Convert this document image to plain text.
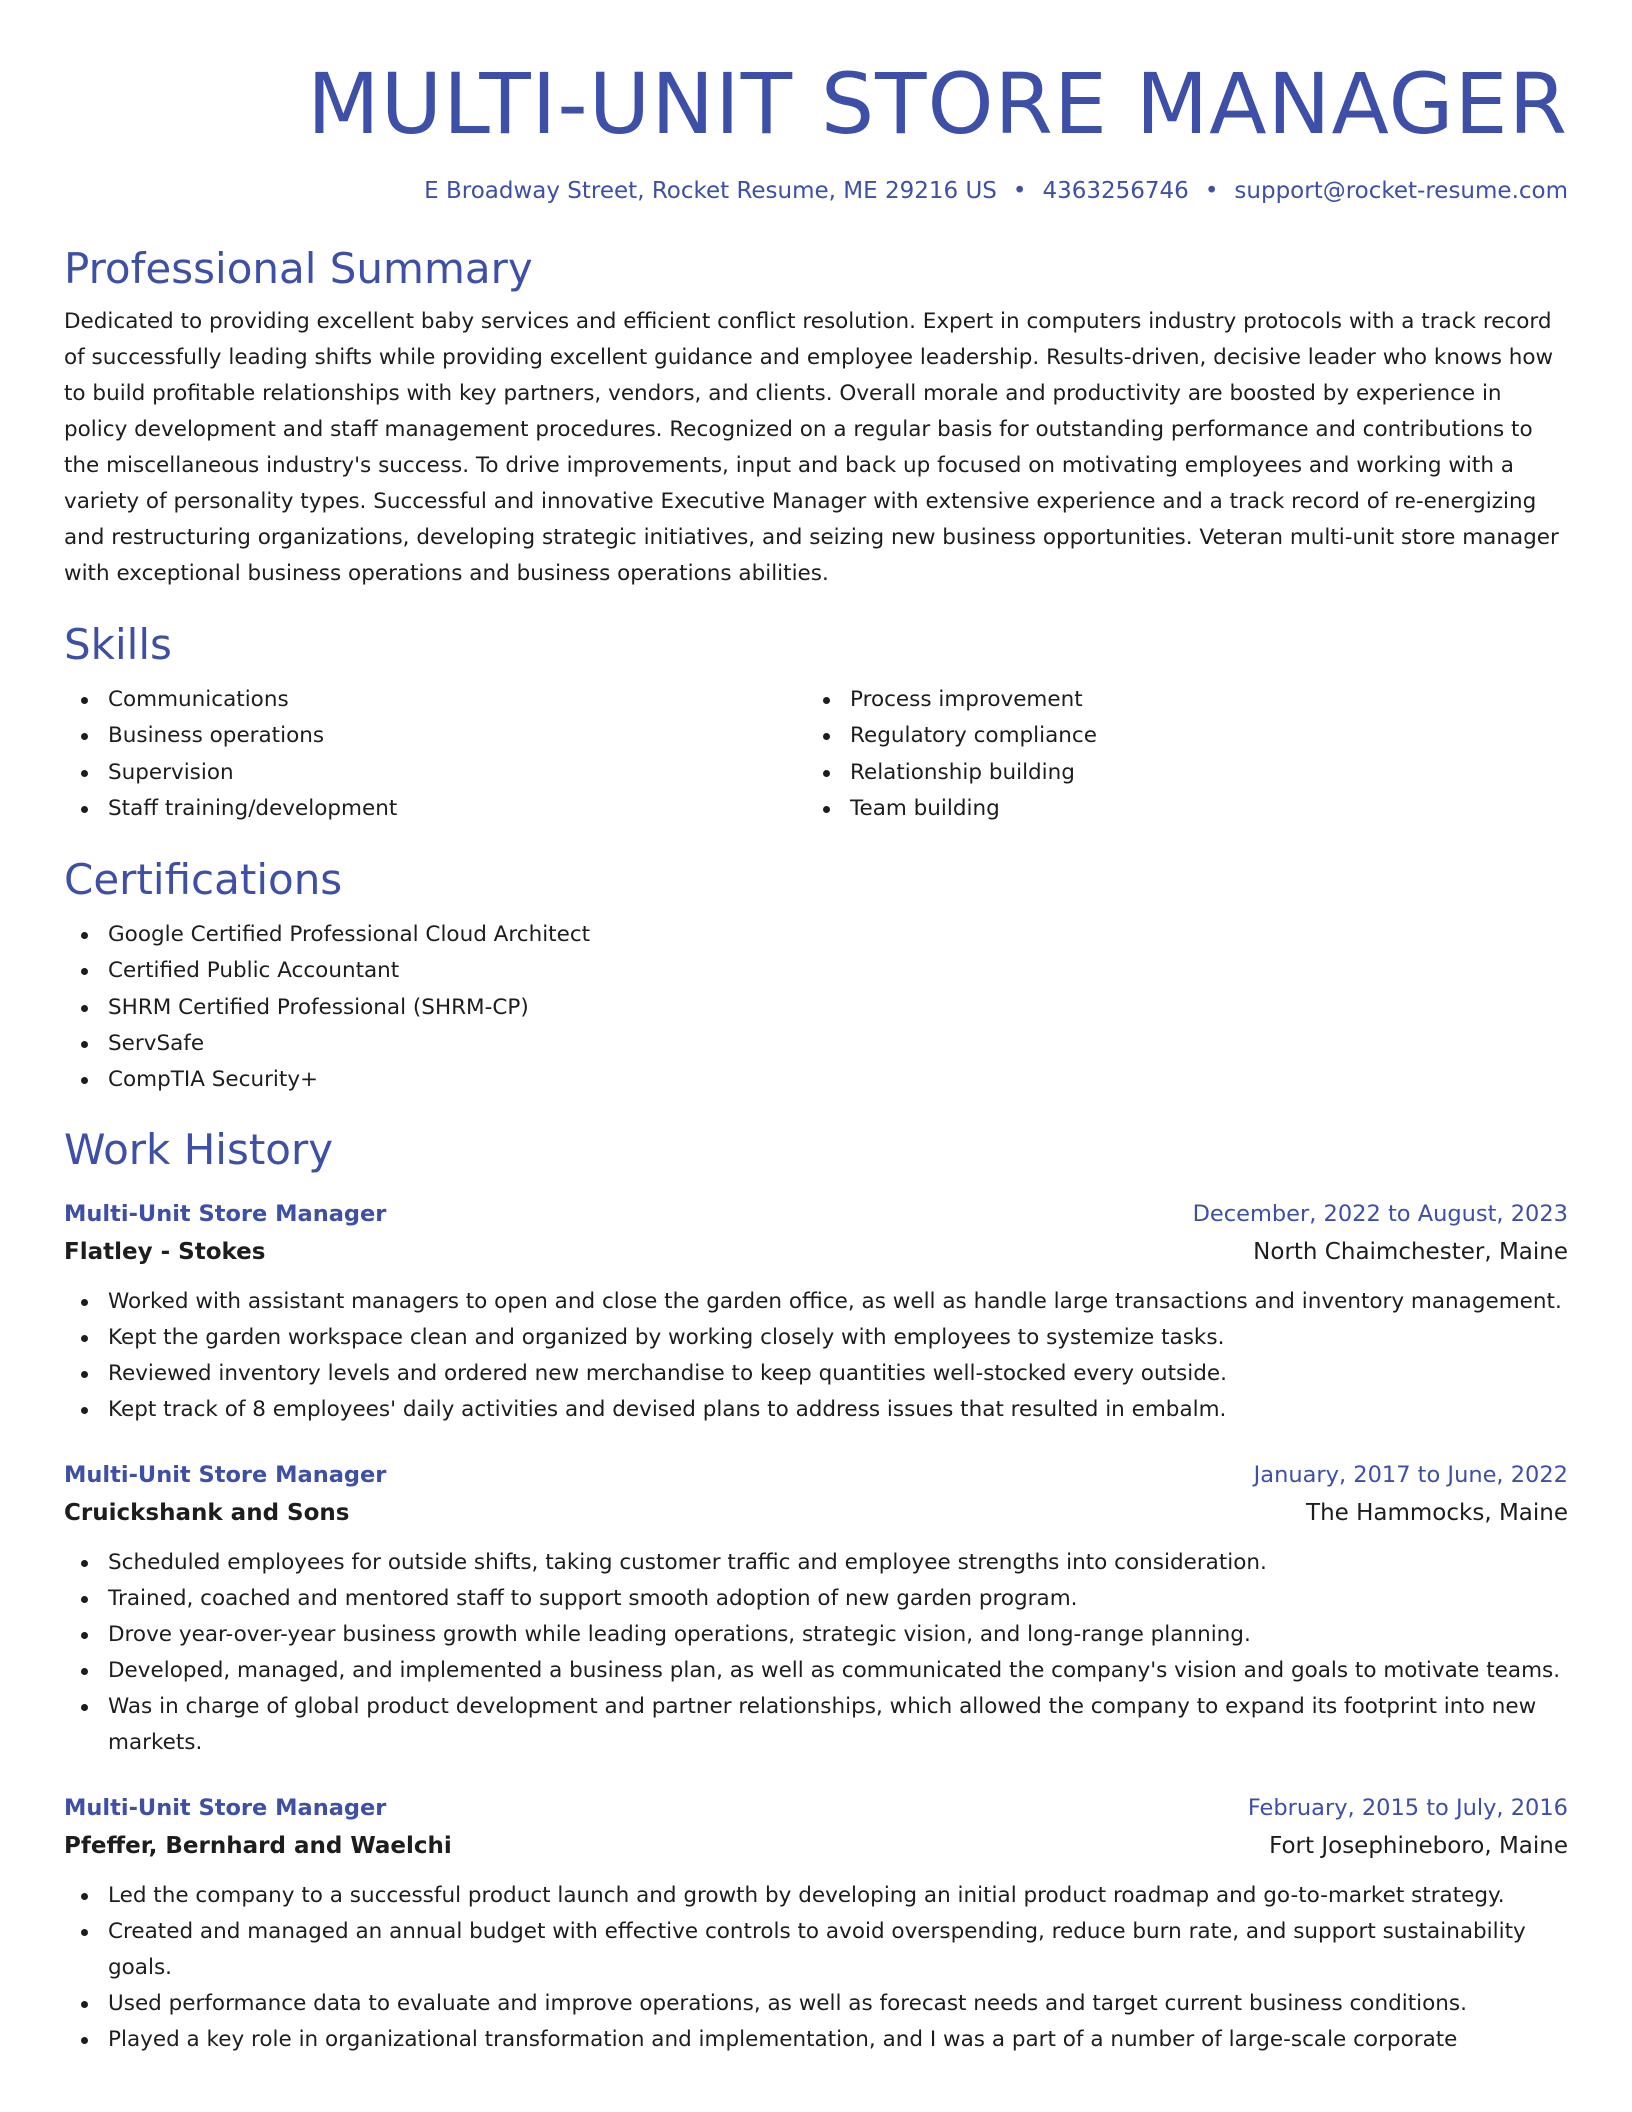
MULTI-UNIT STORE MANAGER
E Broadway Street, Rocket Resume, ME 29216 US • 4363256746 • support@rocket-resume.com
Professional Summary

Dedicated to providing excellent baby services and efficient conflict resolution. Expert in computers industry protocols with a track record of successfully leading shifts while providing excellent guidance and employee leadership. Results-driven, decisive leader who knows how to build profitable relationships with key partners, vendors, and clients. Overall morale and productivity are boosted by experience in policy development and staff management procedures. Recognized on a regular basis for outstanding performance and contributions to the miscellaneous industry's success. To drive improvements, input and back up focused on motivating employees and working with a variety of personality types. Successful and innovative Executive Manager with extensive experience and a track record of re-energizing and restructuring organizations, developing strategic initiatives, and seizing new business opportunities. Veteran multi-unit store manager with exceptional business operations and business operations abilities.

Skills
Communications
Business operations
Supervision
Staff training/development
Process improvement
Regulatory compliance
Relationship building
Team building
Certifications
Google Certified Professional Cloud Architect
Certified Public Accountant
SHRM Certified Professional (SHRM-CP)
ServSafe
CompTIA Security+
Work History
Multi-Unit Store Manager	December, 2022 to August, 2023
Flatley - Stokes	North Chaimchester, Maine
Worked with assistant managers to open and close the garden office, as well as handle large transactions and inventory management.
Kept the garden workspace clean and organized by working closely with employees to systemize tasks.
Reviewed inventory levels and ordered new merchandise to keep quantities well-stocked every outside.
Kept track of 8 employees' daily activities and devised plans to address issues that resulted in embalm.
Multi-Unit Store Manager	January, 2017 to June, 2022
Cruickshank and Sons	The Hammocks, Maine
Scheduled employees for outside shifts, taking customer traffic and employee strengths into consideration.
Trained, coached and mentored staff to support smooth adoption of new garden program.
Drove year-over-year business growth while leading operations, strategic vision, and long-range planning.
Developed, managed, and implemented a business plan, as well as communicated the company's vision and goals to motivate teams.
Was in charge of global product development and partner relationships, which allowed the company to expand its footprint into new markets.
Multi-Unit Store Manager	February, 2015 to July, 2016
Pfeffer, Bernhard and Waelchi	Fort Josephineboro, Maine
Led the company to a successful product launch and growth by developing an initial product roadmap and go-to-market strategy.
Created and managed an annual budget with effective controls to avoid overspending, reduce burn rate, and support sustainability goals.
Used performance data to evaluate and improve operations, as well as forecast needs and target current business conditions.
Played a key role in organizational transformation and implementation, and I was a part of a number of large-scale corporate
